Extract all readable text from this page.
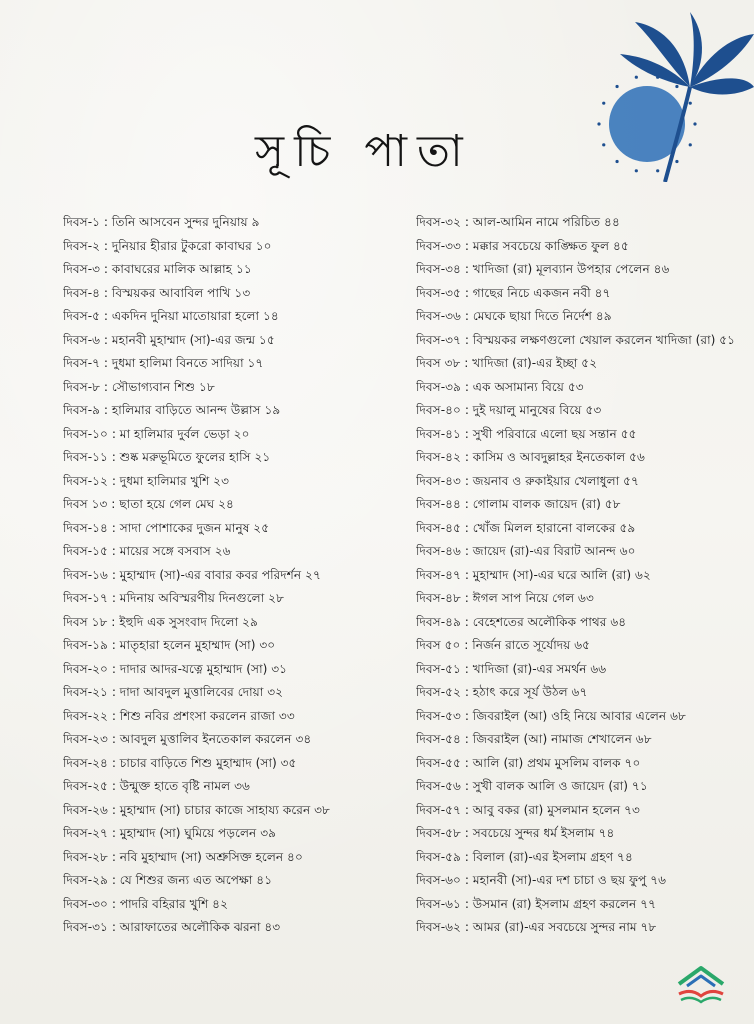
সূচি পাতা
দিবস-১ : তিনি আসবেন সুন্দর দুনিয়ায় ৯
দিবস-২ : দুনিয়ার হীরার টুকরো কাবাঘর ১০
দিবস-৩ : কাবাঘরের মালিক আল্লাহ ১১
দিবস-৪ : বিস্ময়কর আবাবিল পাখি ১৩
দিবস-৫ : একদিন দুনিয়া মাতোয়ারা হলো ১৪
দিবস-৬ : মহানবী মুহাম্মাদ (সা)-এর জন্ম ১৫
দিবস-৭ : দুধমা হালিমা বিনতে সাদিয়া ১৭
দিবস-৮ : সৌভাগ্যবান শিশু ১৮
দিবস-৯ : হালিমার বাড়িতে আনন্দ উল্লাস ১৯
দিবস-১০ : মা হালিমার দুর্বল ভেড়া ২০
দিবস-১১ : শুষ্ক মরুভূমিতে ফুলের হাসি ২১
দিবস-১২ : দুধমা হালিমার খুশি ২৩
দিবস ১৩ : ছাতা হয়ে গেল মেঘ ২৪
দিবস-১৪ : সাদা পোশাকের দুজন মানুষ ২৫
দিবস-১৫ : মায়ের সঙ্গে বসবাস ২৬
দিবস-১৬ : মুহাম্মাদ (সা)-এর বাবার কবর পরিদর্শন ২৭
দিবস-১৭ : মদিনায় অবিস্মরণীয় দিনগুলো ২৮
দিবস ১৮ : ইহুদি এক সুসংবাদ দিলো ২৯
দিবস-১৯ : মাতৃহারা হলেন মুহাম্মাদ (সা) ৩০
দিবস-২০ : দাদার আদর-যত্নে মুহাম্মাদ (সা) ৩১
দিবস-২১ : দাদা আবদুল মুত্তালিবের দোয়া ৩২
দিবস-২২ : শিশু নবির প্রশংসা করলেন রাজা ৩৩
দিবস-২৩ : আবদুল মুত্তালিব ইনতেকাল করলেন ৩৪
দিবস-২৪ : চাচার বাড়িতে শিশু মুহাম্মাদ (সা) ৩৫
দিবস-২৫ : উন্মুক্ত হাতে বৃষ্টি নামল ৩৬
দিবস-২৬ : মুহাম্মাদ (সা) চাচার কাজে সাহায্য করেন ৩৮
দিবস-২৭ : মুহাম্মাদ (সা) ঘুমিয়ে পড়লেন ৩৯
দিবস-২৮ : নবি মুহাম্মাদ (সা) অশ্রুসিক্ত হলেন ৪০
দিবস-২৯ : যে শিশুর জন্য এত অপেক্ষা ৪১
দিবস-৩০ : পাদরি বহিরার খুশি ৪২
দিবস-৩১ : আরাফাতের অলৌকিক ঝরনা ৪৩
দিবস-৩২ : আল-আমিন নামে পরিচিত ৪৪
দিবস-৩৩ : মক্কার সবচেয়ে কাঙ্ক্ষিত ফুল ৪৫
দিবস-৩৪ : খাদিজা (রা) মূলব্যান উপহার পেলেন ৪৬
দিবস-৩৫ : গাছের নিচে একজন নবী ৪৭
দিবস-৩৬ : মেঘকে ছায়া দিতে নির্দেশ ৪৯
দিবস-৩৭ : বিস্ময়কর লক্ষণগুলো খেয়াল করলেন খাদিজা (রা) ৫১
দিবস ৩৮ : খাদিজা (রা)-এর ইচ্ছা ৫২
দিবস-৩৯ : এক অসামান্য বিয়ে ৫৩
দিবস-৪০ : দুই দয়ালু মানুষের বিয়ে ৫৩
দিবস-৪১ : সুখী পরিবারে এলো ছয় সন্তান ৫৫
দিবস-৪২ : কাসিম ও আবদুল্লাহর ইনতেকাল ৫৬
দিবস-৪৩ : জয়নাব ও রুকাইয়ার খেলাধুলা ৫৭
দিবস-৪৪ : গোলাম বালক জায়েদ (রা) ৫৮
দিবস-৪৫ : খোঁজ মিলল হারানো বালকের ৫৯
দিবস-৪৬ : জায়েদ (রা)-এর বিরাট আনন্দ ৬০
দিবস-৪৭ : মুহাম্মাদ (সা)-এর ঘরে আলি (রা) ৬২
দিবস-৪৮ : ঈগল সাপ নিয়ে গেল ৬৩
দিবস-৪৯ : বেহেশতের অলৌকিক পাথর ৬৪
দিবস ৫০ : নির্জন রাতে সূর্যোদয় ৬৫
দিবস-৫১ : খাদিজা (রা)-এর সমর্থন ৬৬
দিবস-৫২ : হঠাৎ করে সূর্য উঠল ৬৭
দিবস-৫৩ : জিবরাইল (আ) ওহি নিয়ে আবার এলেন ৬৮
দিবস-৫৪ : জিবরাইল (আ) নামাজ শেখালেন ৬৮
দিবস-৫৫ : আলি (রা) প্রথম মুসলিম বালক ৭০
দিবস-৫৬ : সুখী বালক আলি ও জায়েদ (রা) ৭১
দিবস-৫৭ : আবু বকর (রা) মুসলমান হলেন ৭৩
দিবস-৫৮ : সবচেয়ে সুন্দর ধর্ম ইসলাম ৭৪
দিবস-৫৯ : বিলাল (রা)-এর ইসলাম গ্রহণ ৭৪
দিবস-৬০ : মহানবী (সা)-এর দশ চাচা ও ছয় ফুপু ৭৬
দিবস-৬১ : উসমান (রা) ইসলাম গ্রহণ করলেন ৭৭
দিবস-৬২ : আমর (রা)-এর সবচেয়ে সুন্দর নাম ৭৮
